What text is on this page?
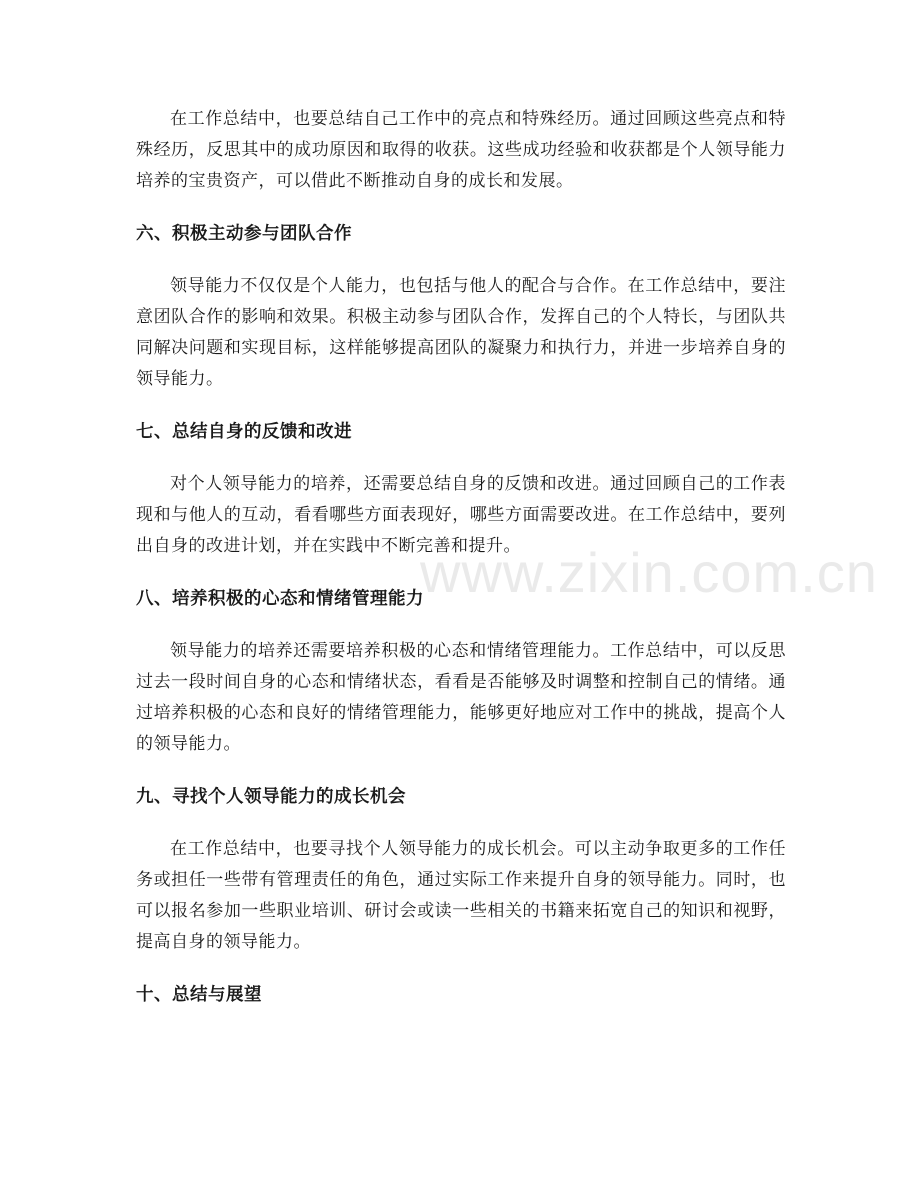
在工作总结中，也要总结自己工作中的亮点和特殊经历。通过回顾这些亮点和特殊经历，反思其中的成功原因和取得的收获。这些成功经验和收获都是个人领导能力培养的宝贵资产，可以借此不断推动自身的成长和发展。

六、积极主动参与团队合作

领导能力不仅仅是个人能力，也包括与他人的配合与合作。在工作总结中，要注意团队合作的影响和效果。积极主动参与团队合作，发挥自己的个人特长，与团队共同解决问题和实现目标，这样能够提高团队的凝聚力和执行力，并进一步培养自身的领导能力。

七、总结自身的反馈和改进

对个人领导能力的培养，还需要总结自身的反馈和改进。通过回顾自己的工作表现和与他人的互动，看看哪些方面表现好，哪些方面需要改进。在工作总结中，要列出自身的改进计划，并在实践中不断完善和提升。

八、培养积极的心态和情绪管理能力

领导能力的培养还需要培养积极的心态和情绪管理能力。工作总结中，可以反思过去一段时间自身的心态和情绪状态，看看是否能够及时调整和控制自己的情绪。通过培养积极的心态和良好的情绪管理能力，能够更好地应对工作中的挑战，提高个人的领导能力。

九、寻找个人领导能力的成长机会

在工作总结中，也要寻找个人领导能力的成长机会。可以主动争取更多的工作任务或担任一些带有管理责任的角色，通过实际工作来提升自身的领导能力。同时，也可以报名参加一些职业培训、研讨会或读一些相关的书籍来拓宽自己的知识和视野，提高自身的领导能力。

十、总结与展望
www.zixin.com.cn
